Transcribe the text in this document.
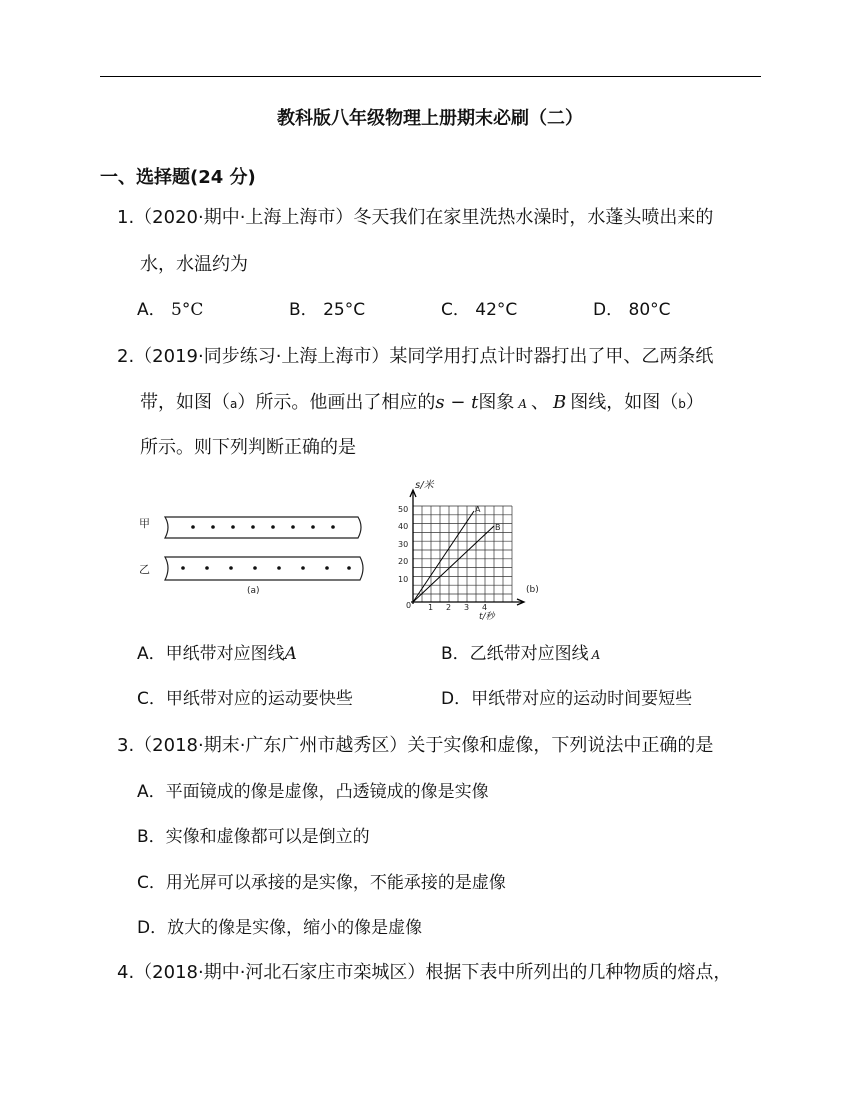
教科版八年级物理上册期末必刷（二）
一、选择题(24 分)
1.（2020·期中·上海上海市）冬天我们在家里洗热水澡时，水蓬头喷出来的
水，水温约为
A． 5°C	B． 25°C	C． 42°C	D． 80°C
2.（2019·同步练习·上海上海市）某同学用打点计时器打出了甲、乙两条纸
带，如图（a）所示。他画出了相应的s − t图象 A 、 B 图线，如图（b）
所示。则下列判断正确的是
甲
乙
(a)
s/米
50
40
30
20
10
0 1 2 3 4
t/秒
A
B
(b)
A．甲纸带对应图线A	B．乙纸带对应图线 A
C．甲纸带对应的运动要快些	D．甲纸带对应的运动时间要短些
3.（2018·期末·广东广州市越秀区）关于实像和虚像，下列说法中正确的是
A．平面镜成的像是虚像，凸透镜成的像是实像
B．实像和虚像都可以是倒立的
C．用光屏可以承接的是实像，不能承接的是虚像
D．放大的像是实像，缩小的像是虚像
4.（2018·期中·河北石家庄市栾城区）根据下表中所列出的几种物质的熔点，
